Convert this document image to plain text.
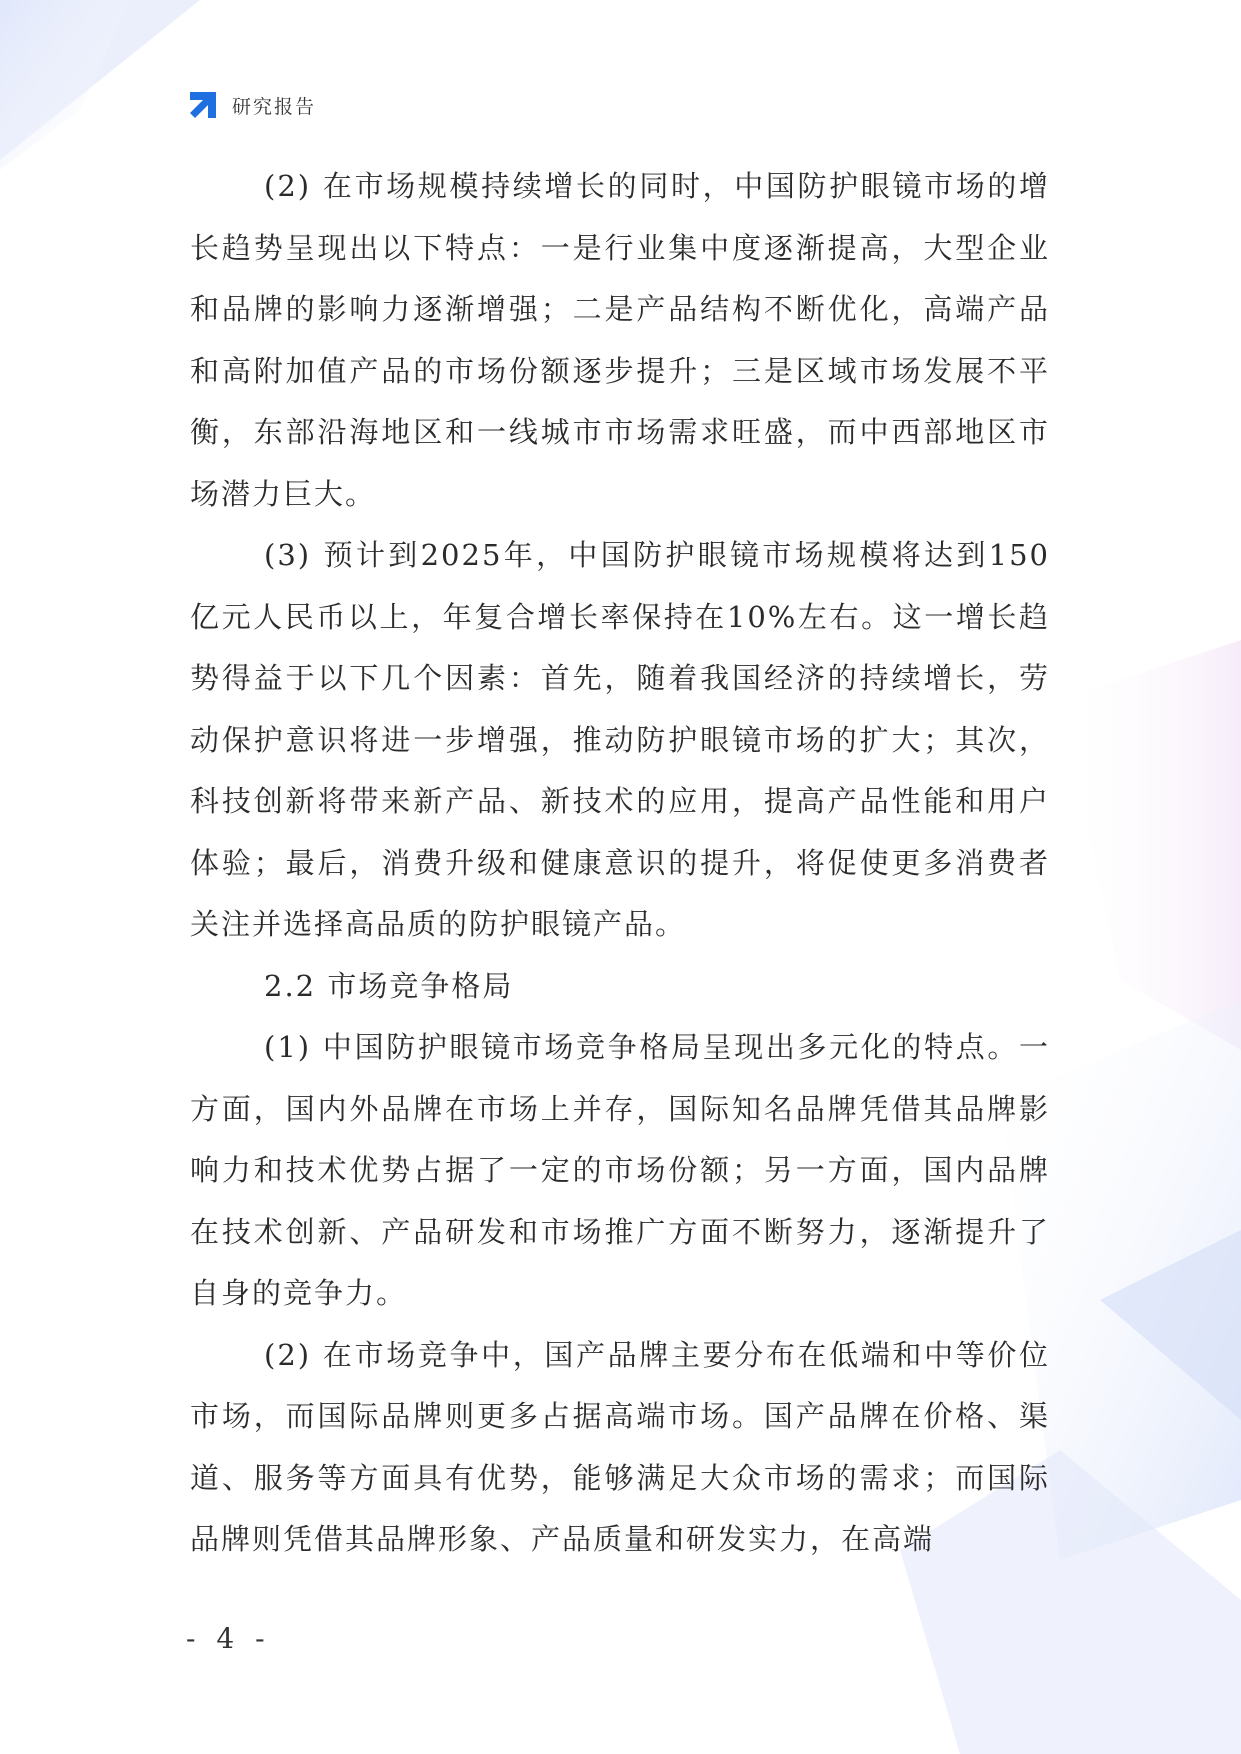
研究报告

(2) 在市场规模持续增长的同时，中国防护眼镜市场的增长趋势呈现出以下特点：一是行业集中度逐渐提高，大型企业和品牌的影响力逐渐增强；二是产品结构不断优化，高端产品和高附加值产品的市场份额逐步提升；三是区域市场发展不平衡，东部沿海地区和一线城市市场需求旺盛，而中西部地区市场潜力巨大。

(3) 预计到2025年，中国防护眼镜市场规模将达到150亿元人民币以上，年复合增长率保持在10%左右。这一增长趋势得益于以下几个因素：首先，随着我国经济的持续增长，劳动保护意识将进一步增强，推动防护眼镜市场的扩大；其次，科技创新将带来新产品、新技术的应用，提高产品性能和用户体验；最后，消费升级和健康意识的提升，将促使更多消费者关注并选择高品质的防护眼镜产品。

2.2 市场竞争格局

(1) 中国防护眼镜市场竞争格局呈现出多元化的特点。一方面，国内外品牌在市场上并存，国际知名品牌凭借其品牌影响力和技术优势占据了一定的市场份额；另一方面，国内品牌在技术创新、产品研发和市场推广方面不断努力，逐渐提升了自身的竞争力。

(2) 在市场竞争中，国产品牌主要分布在低端和中等价位市场，而国际品牌则更多占据高端市场。国产品牌在价格、渠道、服务等方面具有优势，能够满足大众市场的需求；而国际品牌则凭借其品牌形象、产品质量和研发实力，在高端

- 4 -
